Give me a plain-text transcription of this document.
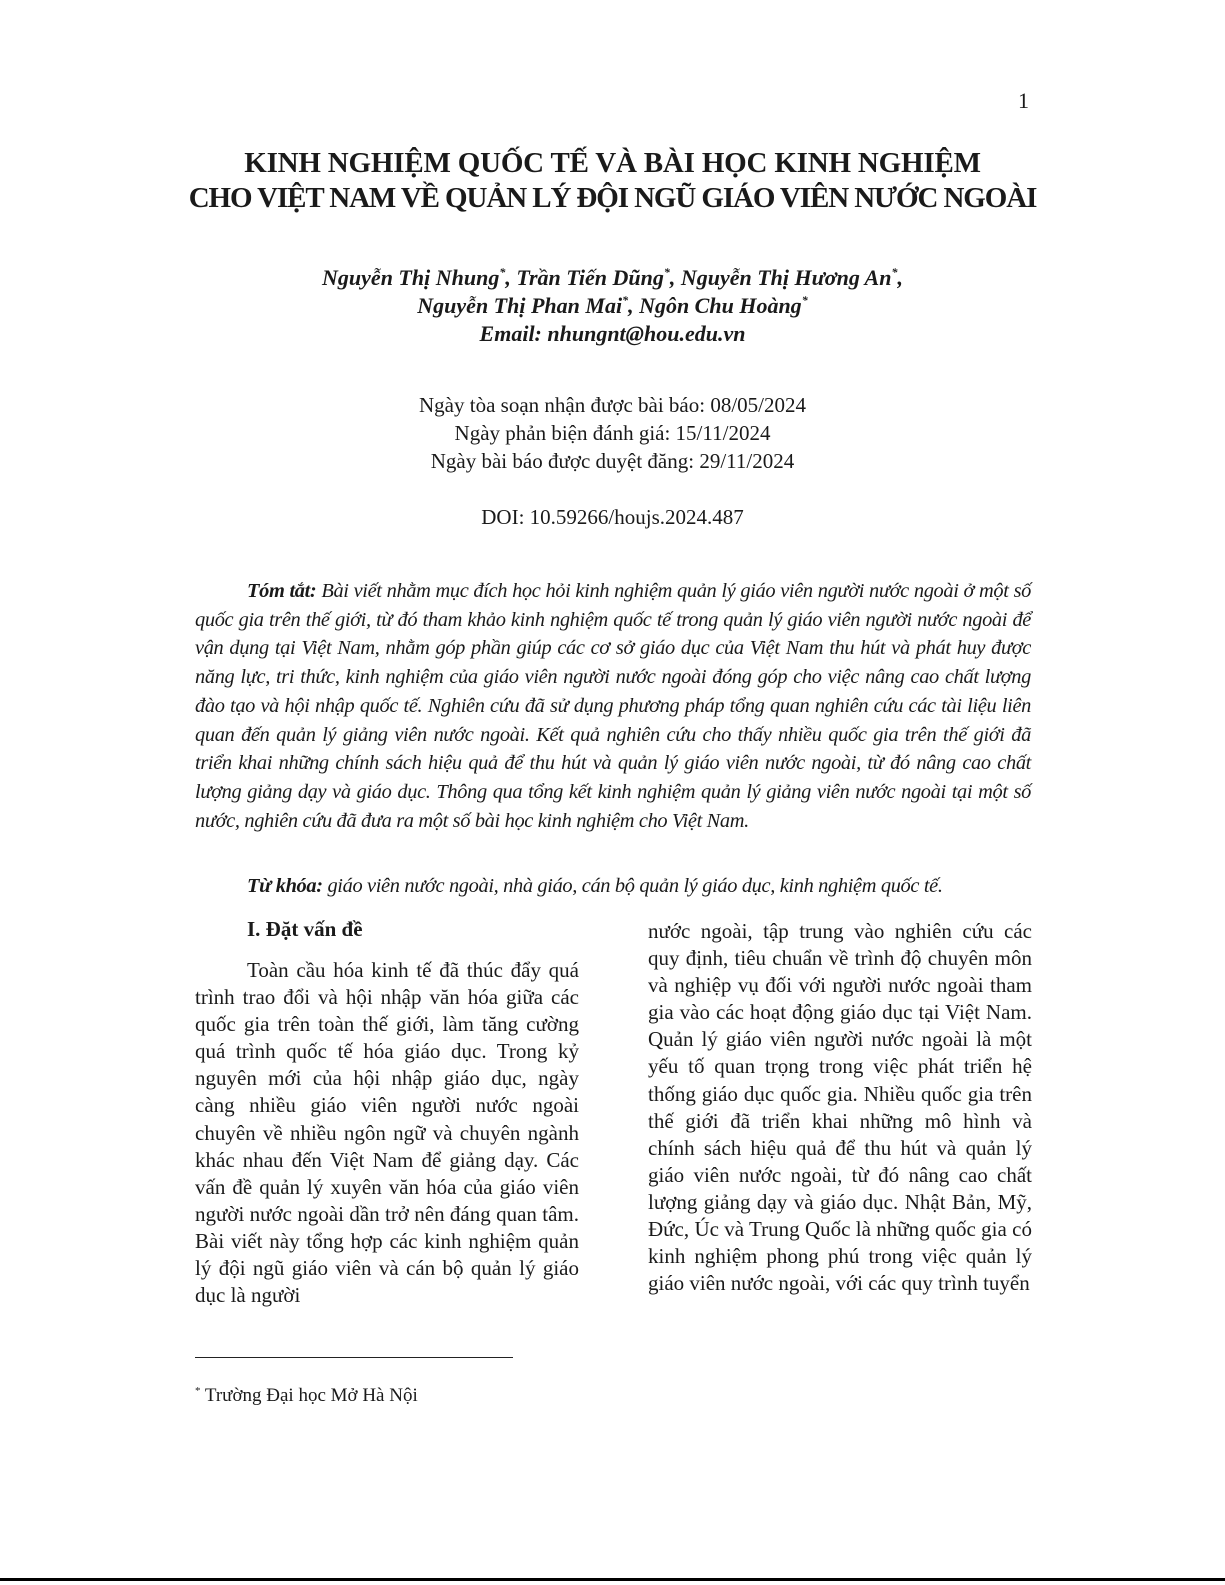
1
KINH NGHIỆM QUỐC TẾ VÀ BÀI HỌC KINH NGHIỆM
CHO VIỆT NAM VỀ QUẢN LÝ ĐỘI NGŨ GIÁO VIÊN NƯỚC NGOÀI
Nguyễn Thị Nhung*, Trần Tiến Dũng*, Nguyễn Thị Hương An*,
Nguyễn Thị Phan Mai*, Ngôn Chu Hoàng*
Email: nhungnt@hou.edu.vn
Ngày tòa soạn nhận được bài báo: 08/05/2024
Ngày phản biện đánh giá: 15/11/2024
Ngày bài báo được duyệt đăng: 29/11/2024
DOI: 10.59266/houjs.2024.487
Tóm tắt: Bài viết nhằm mục đích học hỏi kinh nghiệm quản lý giáo viên người nước ngoài ở một số quốc gia trên thế giới, từ đó tham khảo kinh nghiệm quốc tế trong quản lý giáo viên người nước ngoài để vận dụng tại Việt Nam, nhằm góp phần giúp các cơ sở giáo dục của Việt Nam thu hút và phát huy được năng lực, tri thức, kinh nghiệm của giáo viên người nước ngoài đóng góp cho việc nâng cao chất lượng đào tạo và hội nhập quốc tế. Nghiên cứu đã sử dụng phương pháp tổng quan nghiên cứu các tài liệu liên quan đến quản lý giảng viên nước ngoài. Kết quả nghiên cứu cho thấy nhiều quốc gia trên thế giới đã triển khai những chính sách hiệu quả để thu hút và quản lý giáo viên nước ngoài, từ đó nâng cao chất lượng giảng dạy và giáo dục. Thông qua tổng kết kinh nghiệm quản lý giảng viên nước ngoài tại một số nước, nghiên cứu đã đưa ra một số bài học kinh nghiệm cho Việt Nam.
Từ khóa: giáo viên nước ngoài, nhà giáo, cán bộ quản lý giáo dục, kinh nghiệm quốc tế.
I. Đặt vấn đề
Toàn cầu hóa kinh tế đã thúc đẩy quá trình trao đổi và hội nhập văn hóa giữa các quốc gia trên toàn thế giới, làm tăng cường quá trình quốc tế hóa giáo dục. Trong kỷ nguyên mới của hội nhập giáo dục, ngày càng nhiều giáo viên người nước ngoài chuyên về nhiều ngôn ngữ và chuyên ngành khác nhau đến Việt Nam để giảng dạy. Các vấn đề quản lý xuyên văn hóa của giáo viên người nước ngoài dần trở nên đáng quan tâm. Bài viết này tổng hợp các kinh nghiệm quản lý đội ngũ giáo viên và cán bộ quản lý giáo dục là người
nước ngoài, tập trung vào nghiên cứu các quy định, tiêu chuẩn về trình độ chuyên môn và nghiệp vụ đối với người nước ngoài tham gia vào các hoạt động giáo dục tại Việt Nam. Quản lý giáo viên người nước ngoài là một yếu tố quan trọng trong việc phát triển hệ thống giáo dục quốc gia. Nhiều quốc gia trên thế giới đã triển khai những mô hình và chính sách hiệu quả để thu hút và quản lý giáo viên nước ngoài, từ đó nâng cao chất lượng giảng dạy và giáo dục. Nhật Bản, Mỹ, Đức, Úc và Trung Quốc là những quốc gia có kinh nghiệm phong phú trong việc quản lý giáo viên nước ngoài, với các quy trình tuyển
* Trường Đại học Mở Hà Nội
